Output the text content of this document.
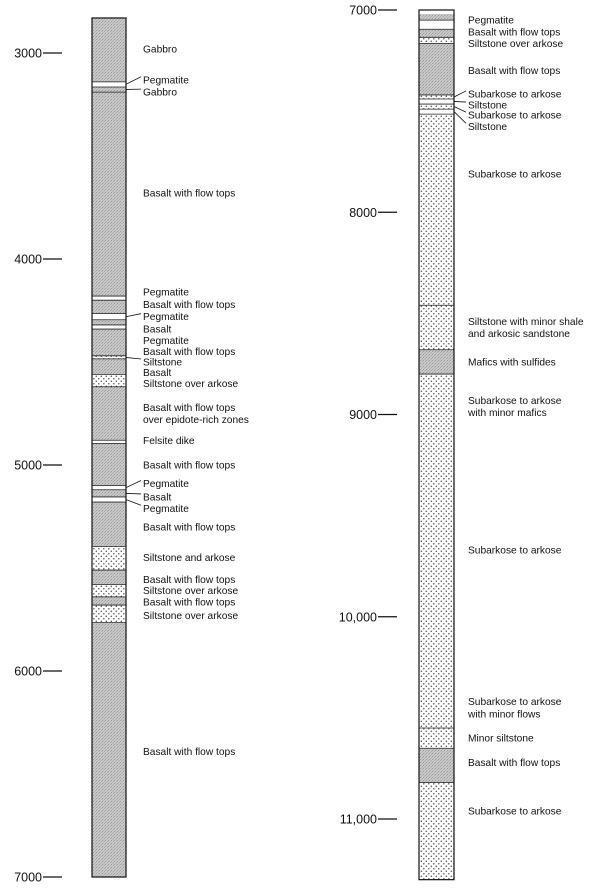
3000
4000
5000
6000
7000
Gabbro
Pegmatite
Gabbro
Basalt with flow tops
Pegmatite
Basalt with flow tops
Pegmatite
Basalt
Pegmatite
Basalt with flow tops
Siltstone
Basalt
Siltstone over arkose
Basalt with flow tops
over epidote-rich zones
Felsite dike
Basalt with flow tops
Pegmatite
Basalt
Pegmatite
Basalt with flow tops
Siltstone and arkose
Basalt with flow tops
Siltstone over arkose
Basalt with flow tops
Siltstone over arkose
Basalt with flow tops
7000
8000
9000
10,000
11,000
Pegmatite
Basalt with flow tops
Siltstone over arkose
Basalt with flow tops
Subarkose to arkose
Siltstone
Subarkose to arkose
Siltstone
Subarkose to arkose
Siltstone with minor shale
and arkosic sandstone
Mafics with sulfides
Subarkose to arkose
with minor mafics
Subarkose to arkose
Subarkose to arkose
with minor flows
Minor siltstone
Basalt with flow tops
Subarkose to arkose
